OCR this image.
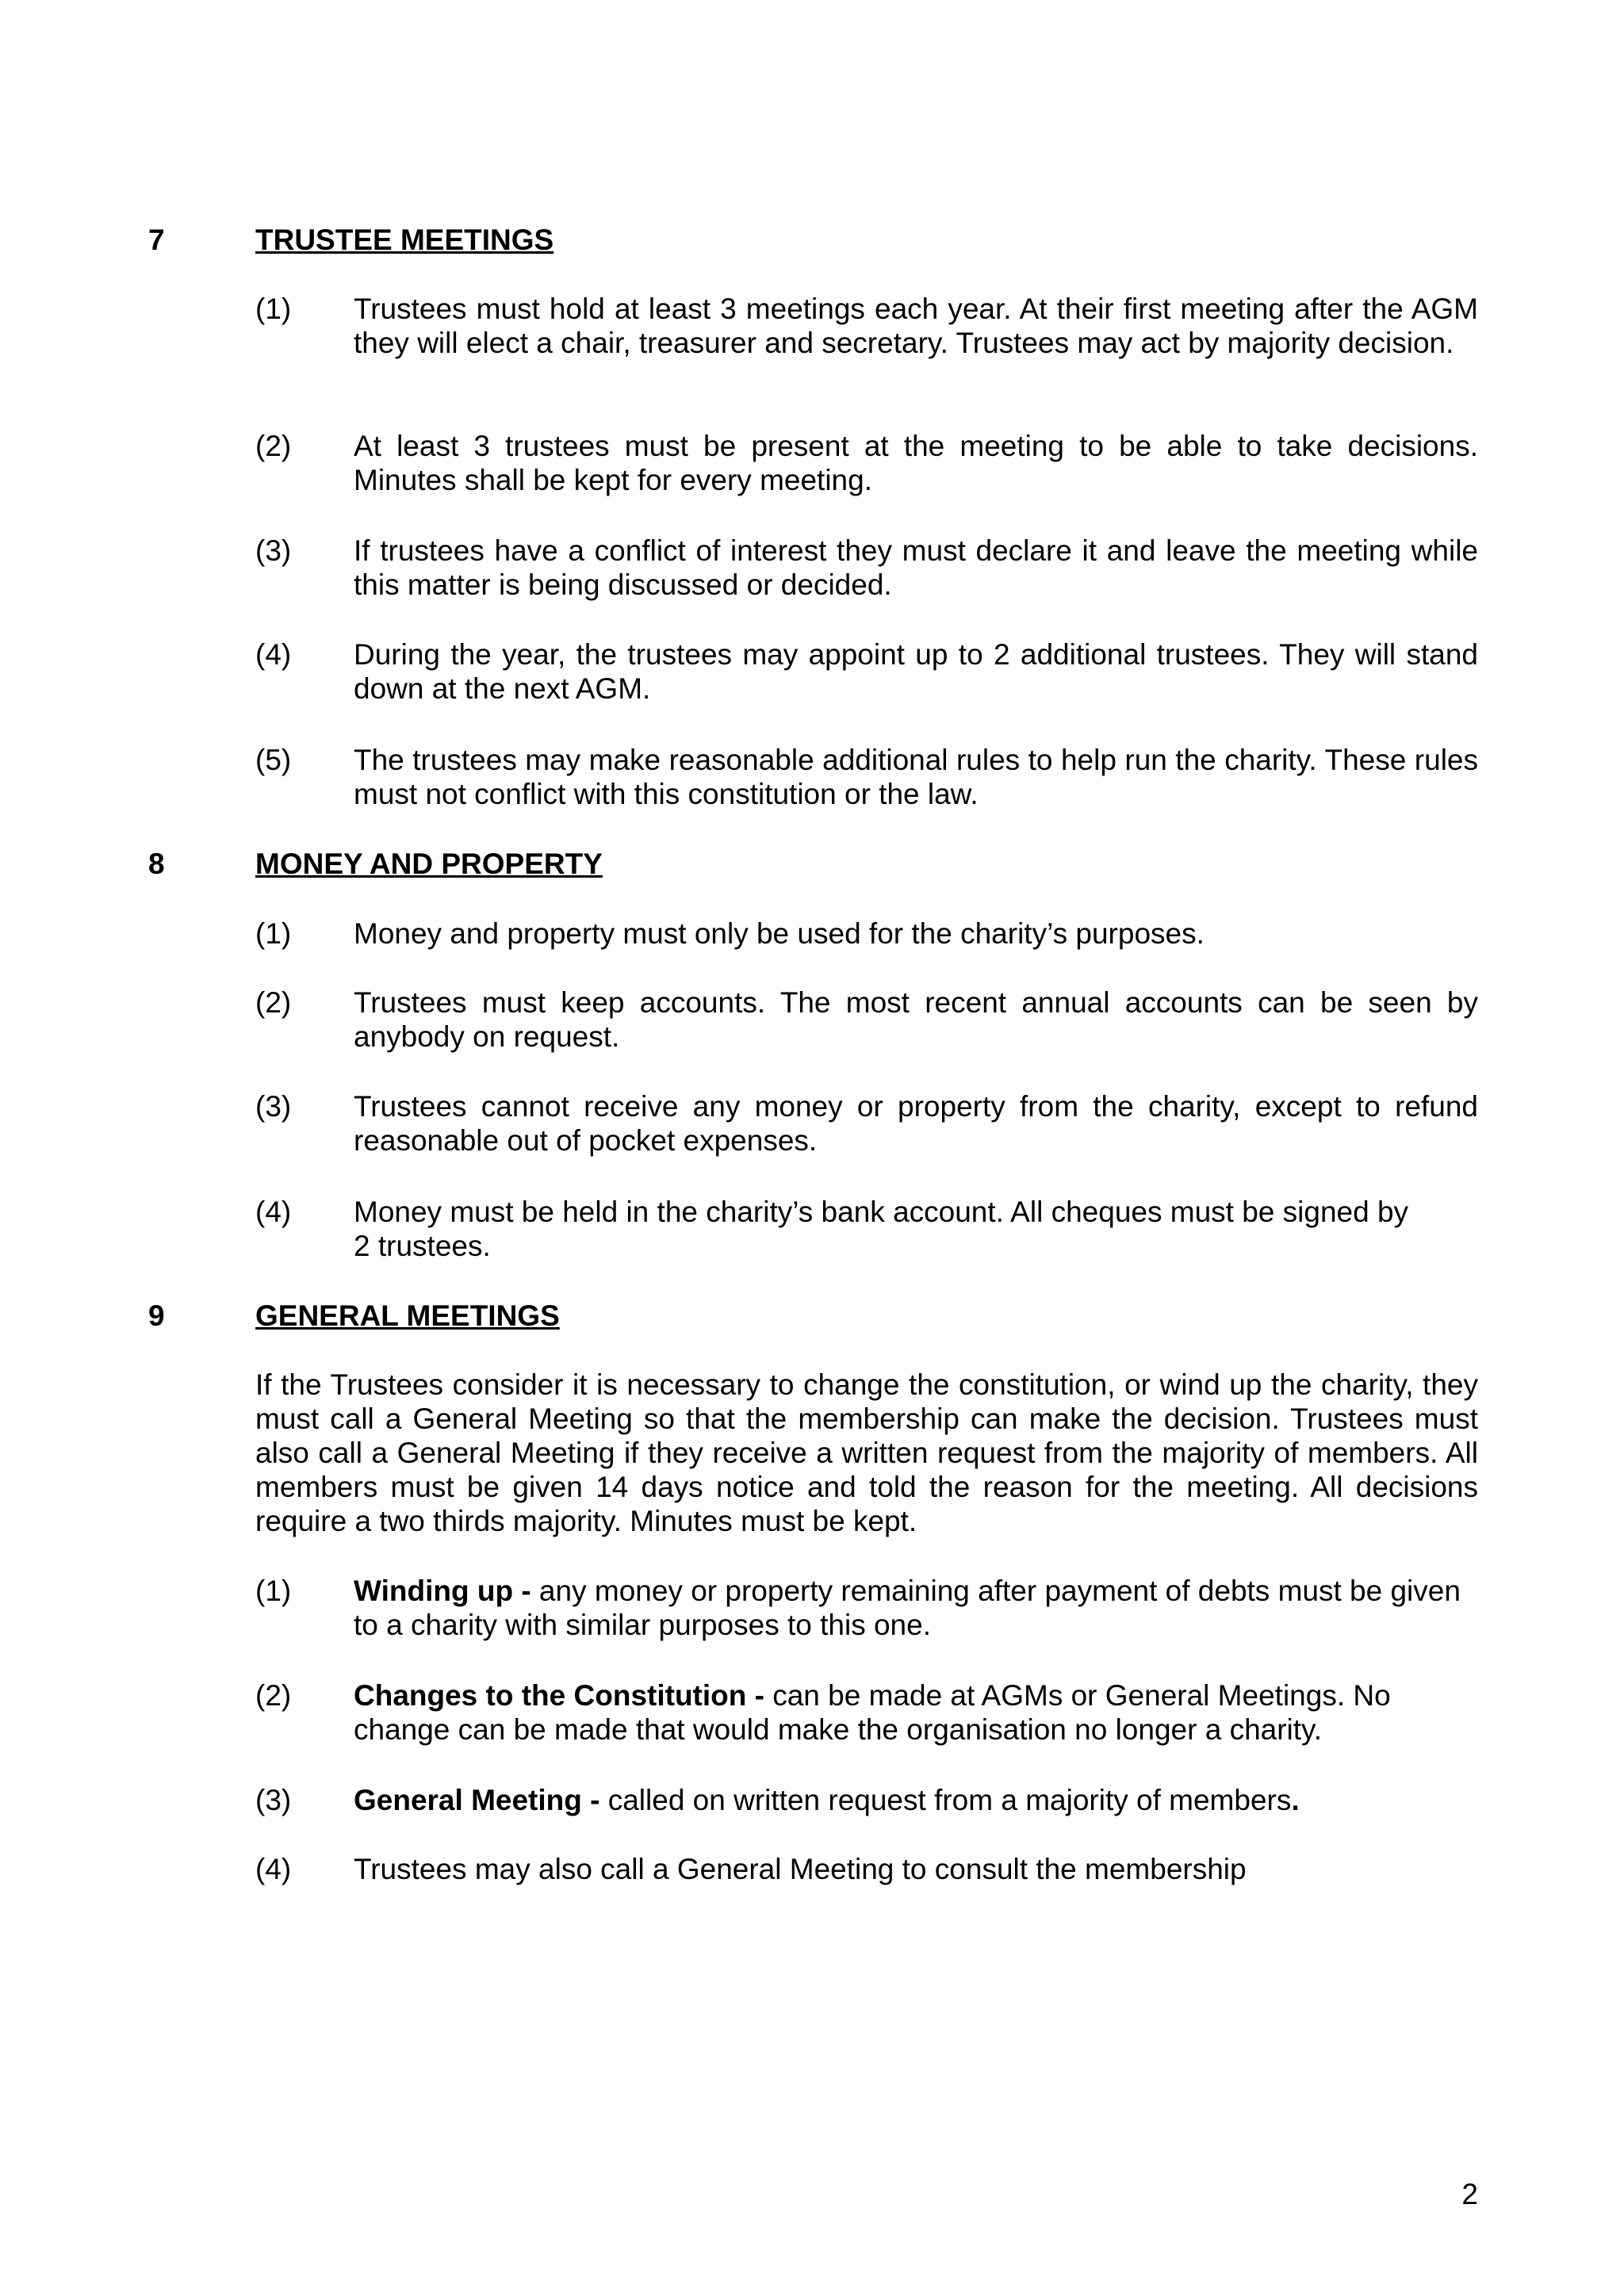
7	TRUSTEE MEETINGS
(1) Trustees must hold at least 3 meetings each year. At their first meeting after the AGM they will elect a chair, treasurer and secretary. Trustees may act by majority decision.
(2) At least 3 trustees must be present at the meeting to be able to take decisions. Minutes shall be kept for every meeting.
(3) If trustees have a conflict of interest they must declare it and leave the meeting while this matter is being discussed or decided.
(4) During the year, the trustees may appoint up to 2 additional trustees. They will stand down at the next AGM.
(5) The trustees may make reasonable additional rules to help run the charity. These rules must not conflict with this constitution or the law.
8	MONEY AND PROPERTY
(1) Money and property must only be used for the charity’s purposes.
(2) Trustees must keep accounts. The most recent annual accounts can be seen by anybody on request.
(3) Trustees cannot receive any money or property from the charity, except to refund reasonable out of pocket expenses.
(4) Money must be held in the charity’s bank account. All cheques must be signed by
2 trustees.
9	GENERAL MEETINGS
If the Trustees consider it is necessary to change the constitution, or wind up the charity, they must call a General Meeting so that the membership can make the decision. Trustees must also call a General Meeting if they receive a written request from the majority of members. All members must be given 14 days notice and told the reason for the meeting. All decisions require a two thirds majority. Minutes must be kept.
(1) Winding up - any money or property remaining after payment of debts must be given to a charity with similar purposes to this one.
(2) Changes to the Constitution - can be made at AGMs or General Meetings. No change can be made that would make the organisation no longer a charity.
(3) General Meeting - called on written request from a majority of members.
(4) Trustees may also call a General Meeting to consult the membership
2
